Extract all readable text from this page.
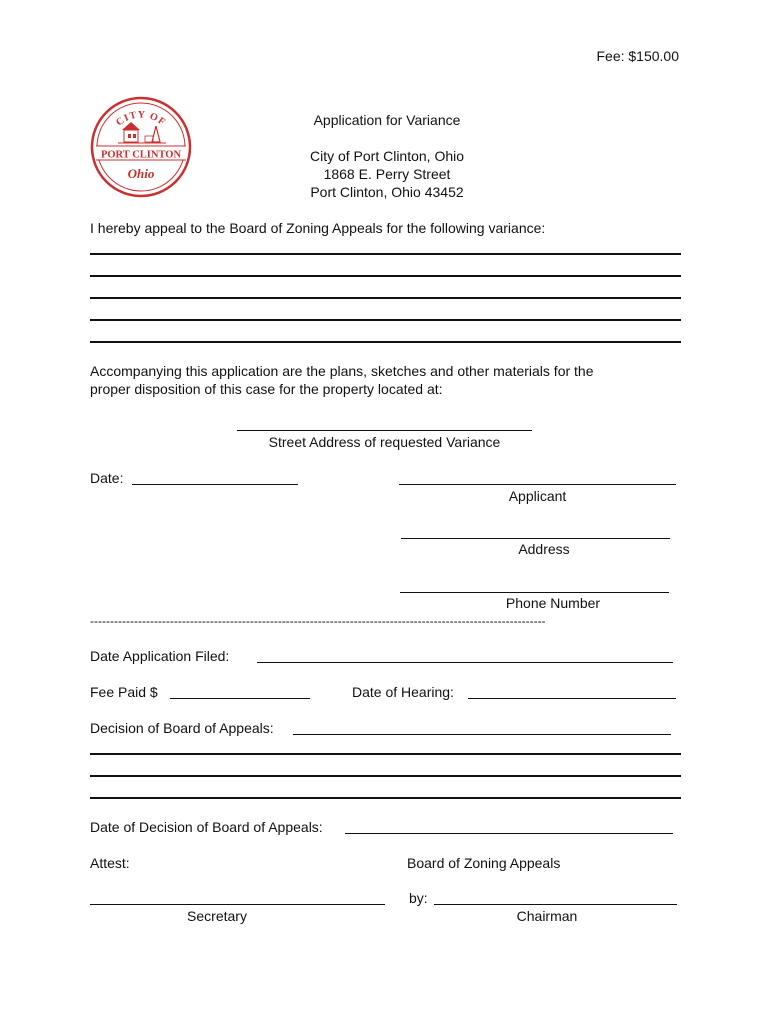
Fee: $150.00
CITY OF
PORT CLINTON
Ohio
Application for Variance
City of Port Clinton, Ohio
1868 E. Perry Street
Port Clinton, Ohio 43452
I hereby appeal to the Board of Zoning Appeals for the following variance:
Accompanying this application are the plans, sketches and other materials for the
proper disposition of this case for the property located at:
Street Address of requested Variance
Date:
Applicant
Address
Phone Number
------------------------------------------------------------------------------------------------------------------
Date Application Filed:
Fee Paid $	Date of Hearing:
Decision of Board of Appeals:
Date of Decision of Board of Appeals:
Attest:	Board of Zoning Appeals
Secretary
by:
Chairman
